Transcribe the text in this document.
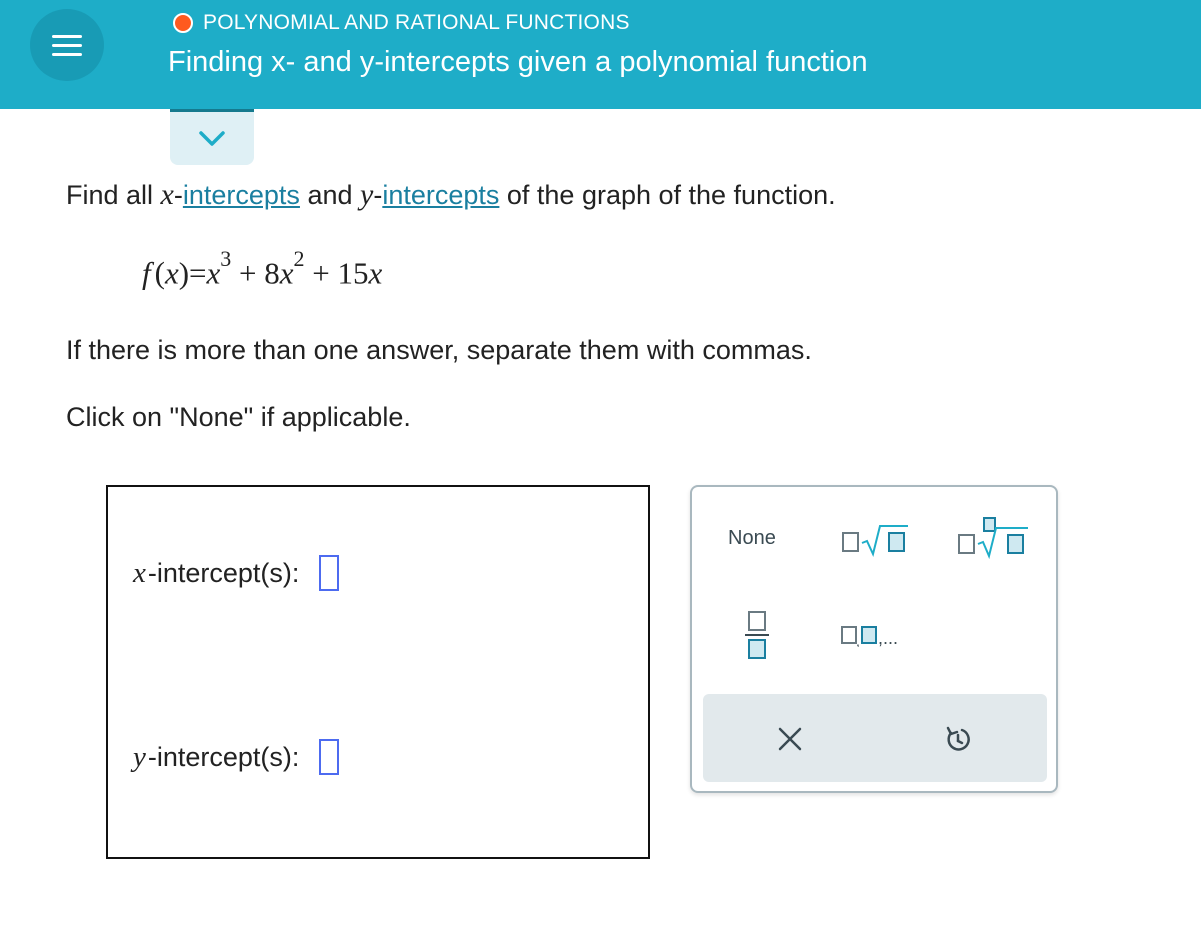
POLYNOMIAL AND RATIONAL FUNCTIONS
Finding x- and y-intercepts given a polynomial function
Find all x-intercepts and y-intercepts of the graph of the function.
f $(x)=x^3 + 8x^2 + 15x$
If there is more than one answer, separate them with commas.
Click on "None" if applicable.
x-intercept(s):
y-intercept(s):
None
, ,...
